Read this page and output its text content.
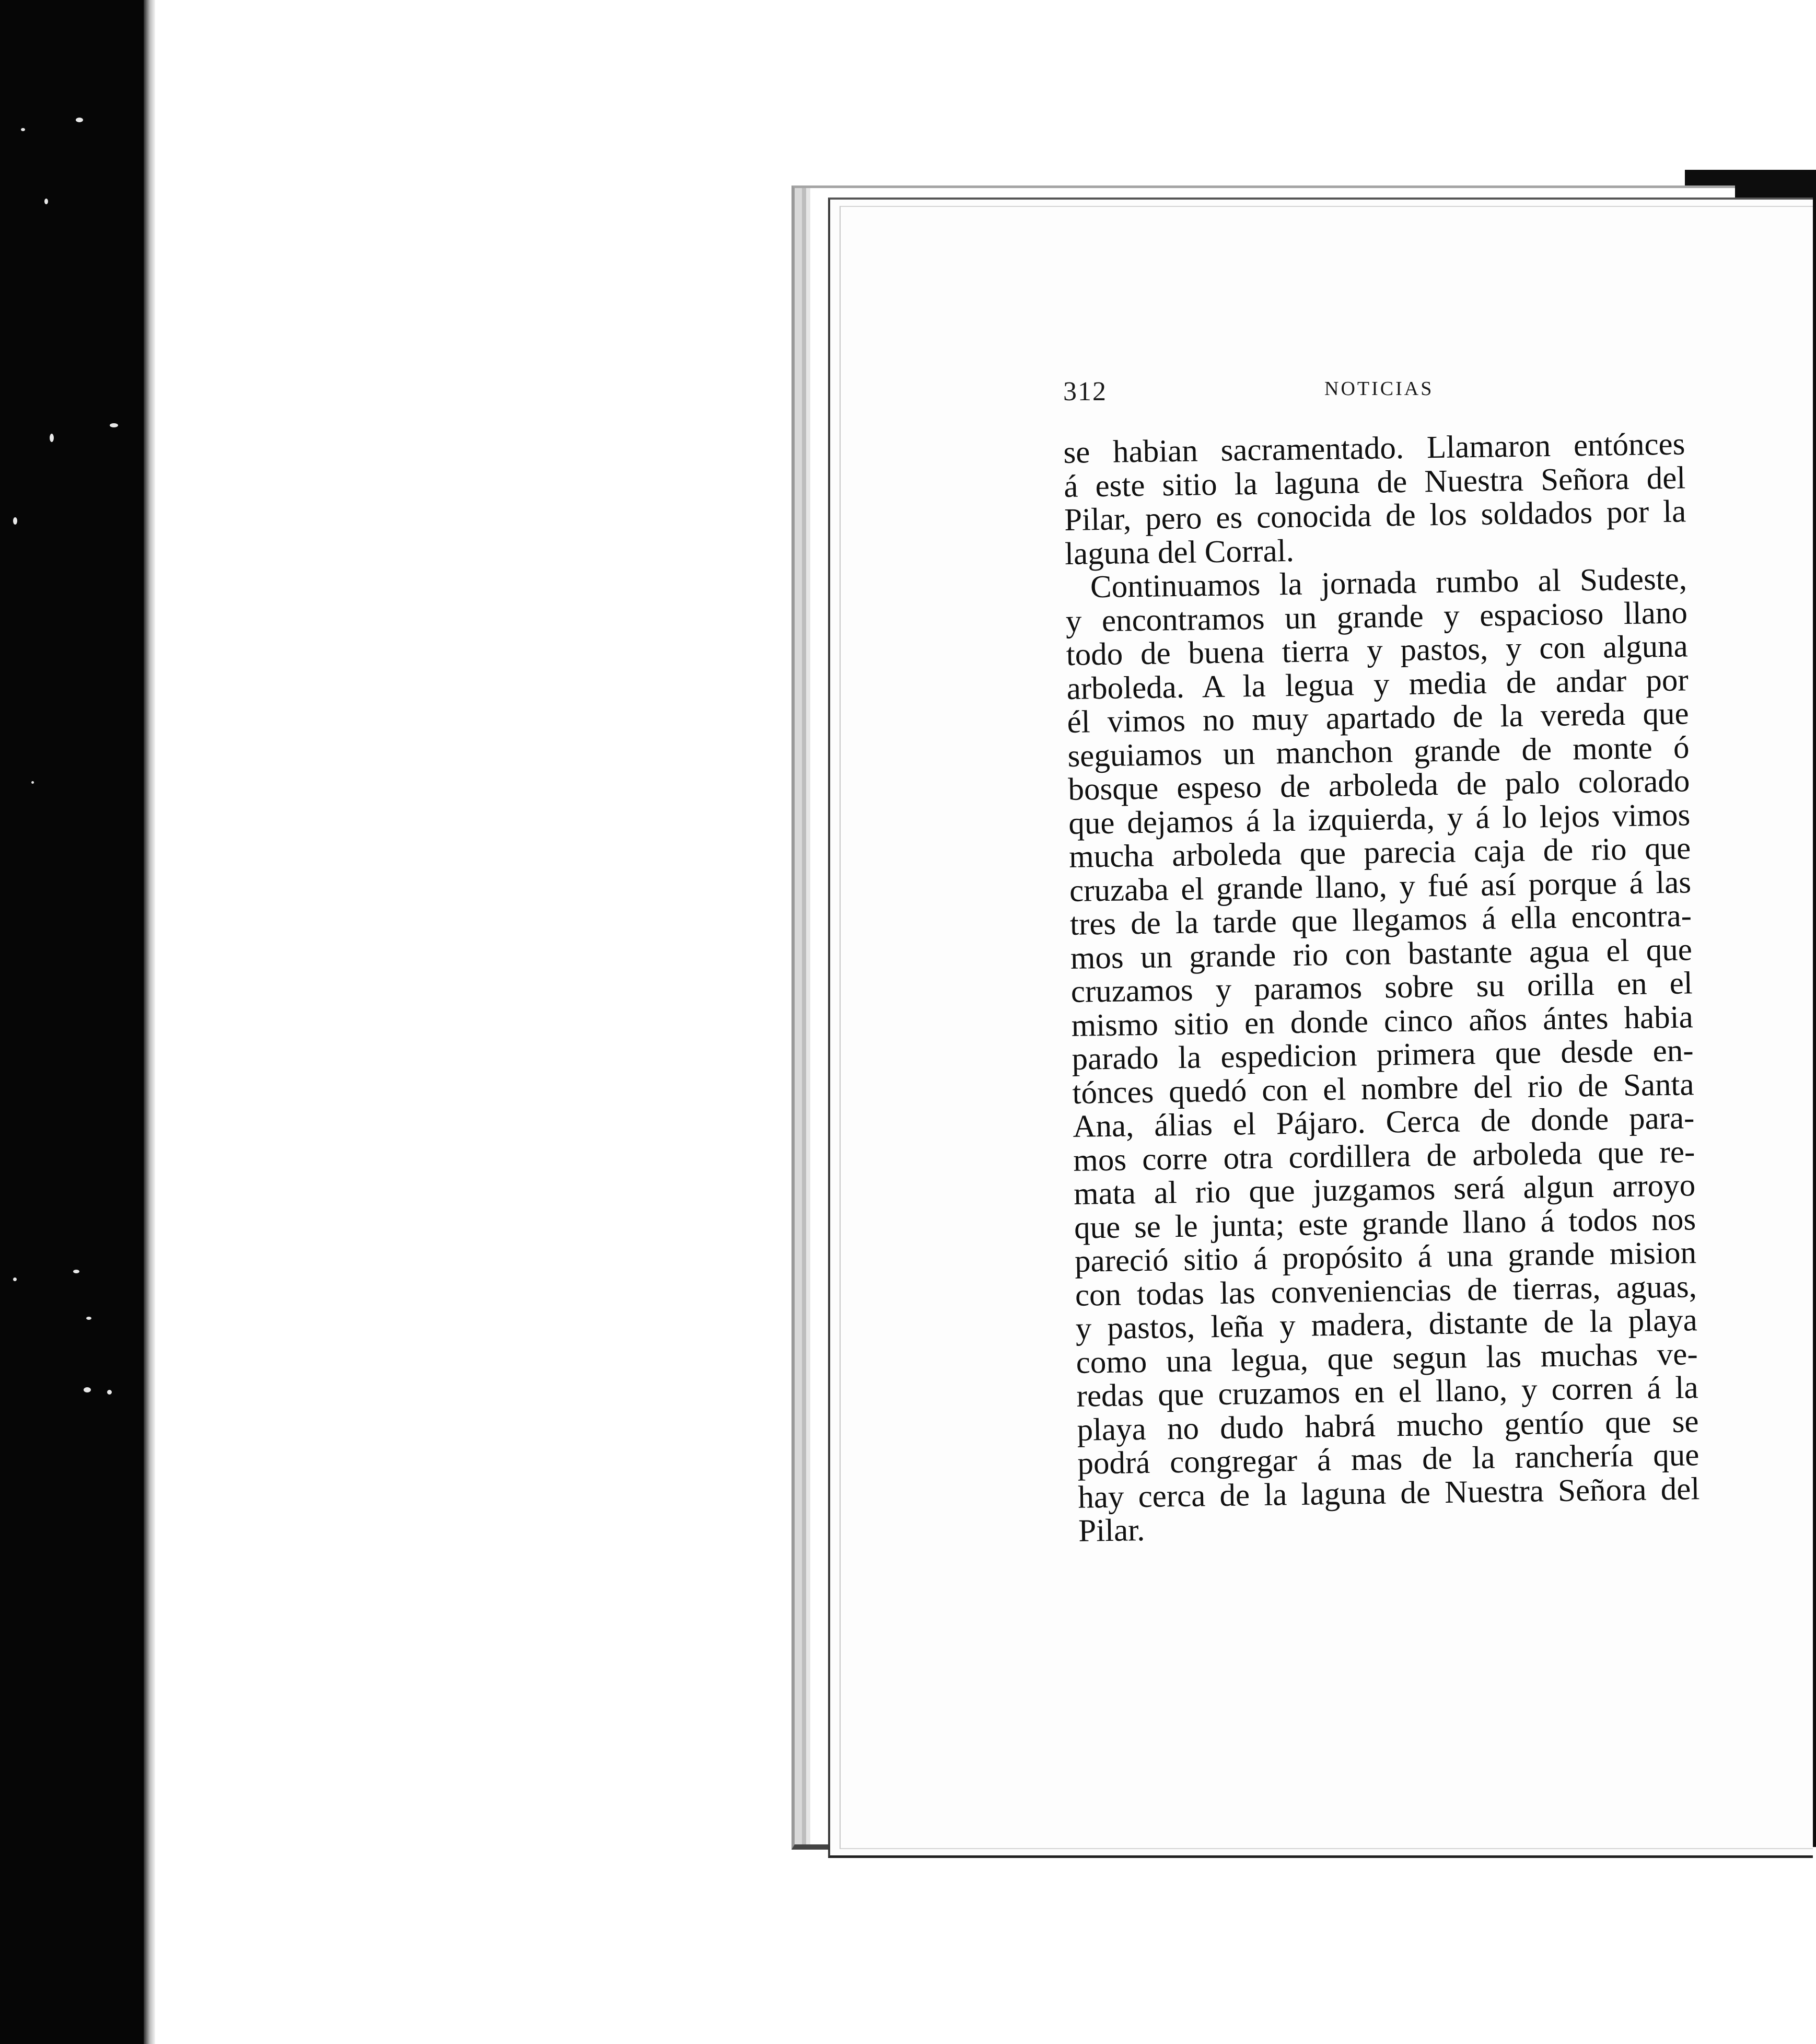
312	NOTICIAS
se habian sacramentado. Llamaron entónces
á este sitio la laguna de Nuestra Señora del
Pilar, pero es conocida de los soldados por la
laguna del Corral.
Continuamos la jornada rumbo al Sudeste,
y encontramos un grande y espacioso llano
todo de buena tierra y pastos, y con alguna
arboleda. A la legua y media de andar por
él vimos no muy apartado de la vereda que
seguiamos un manchon grande de monte ó
bosque espeso de arboleda de palo colorado
que dejamos á la izquierda, y á lo lejos vimos
mucha arboleda que parecia caja de rio que
cruzaba el grande llano, y fué así porque á las
tres de la tarde que llegamos á ella encontra-
mos un grande rio con bastante agua el que
cruzamos y paramos sobre su orilla en el
mismo sitio en donde cinco años ántes habia
parado la espedicion primera que desde en-
tónces quedó con el nombre del rio de Santa
Ana, álias el Pájaro. Cerca de donde para-
mos corre otra cordillera de arboleda que re-
mata al rio que juzgamos será algun arroyo
que se le junta; este grande llano á todos nos
pareció sitio á propósito á una grande mision
con todas las conveniencias de tierras, aguas,
y pastos, leña y madera, distante de la playa
como una legua, que segun las muchas ve-
redas que cruzamos en el llano, y corren á la
playa no dudo habrá mucho gentío que se
podrá congregar á mas de la ranchería que
hay cerca de la laguna de Nuestra Señora del
Pilar.
